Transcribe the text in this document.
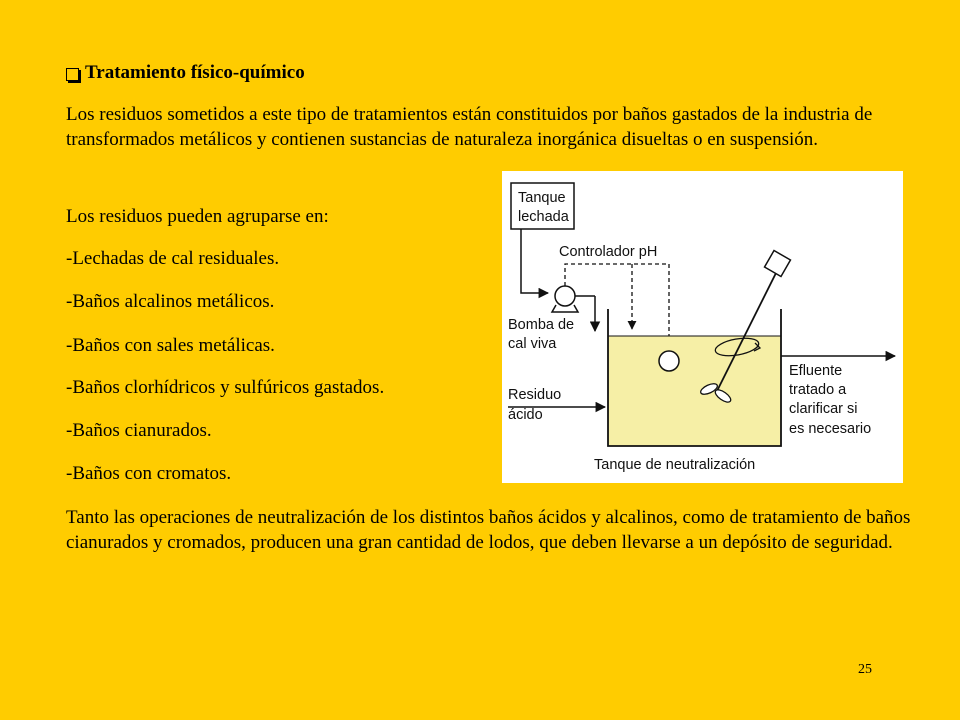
Tratamiento físico-químico

Los residuos sometidos a este tipo de tratamientos están constituidos por baños gastados de la industria de transformados metálicos y contienen sustancias de naturaleza inorgánica disueltas o en suspensión.

Los residuos pueden agruparse en:

-Lechadas de cal residuales.

-Baños alcalinos metálicos.

-Baños con sales metálicas.

-Baños clorhídricos y sulfúricos gastados.

-Baños cianurados.

-Baños con cromatos.

Tanto las operaciones de neutralización de los distintos baños ácidos y alcalinos, como de tratamiento de baños cianurados y cromados, producen una gran cantidad de lodos, que deben llevarse a un depósito de seguridad.

25
Tanque
lechada
Controlador pH
Bomba de
cal viva
Residuo
ácido
Efluente
tratado a
clarificar si
es necesario
Tanque de neutralización
